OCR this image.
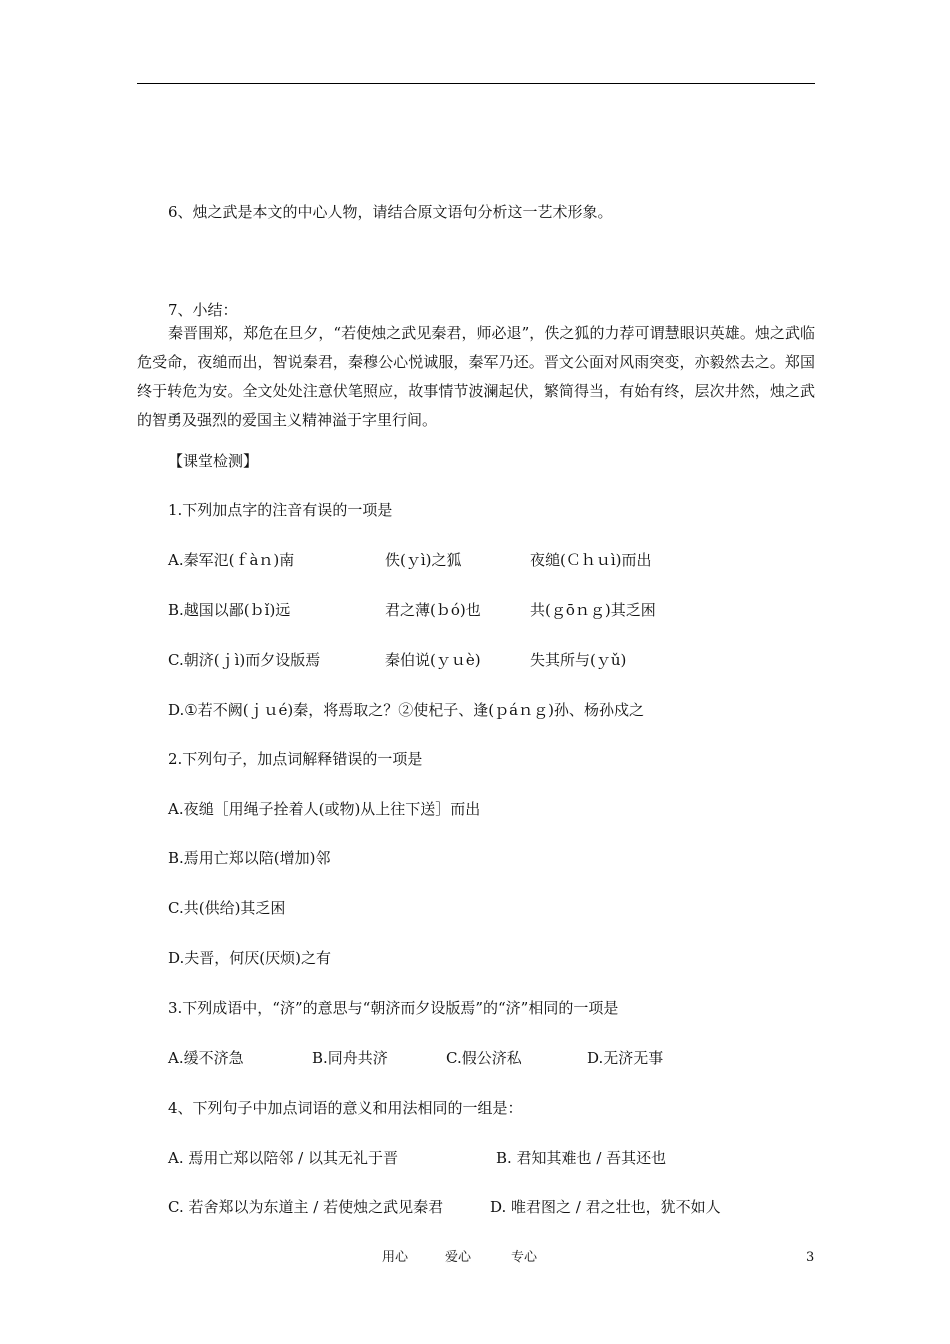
6、烛之武是本文的中心人物，请结合原文语句分析这一艺术形象。
7、小结：
秦晋围郑，郑危在旦夕，“若使烛之武见秦君，师必退”，佚之狐的力荐可谓慧眼识英雄。烛之武临危受命，夜缒而出，智说秦君，秦穆公心悦诚服，秦军乃还。晋文公面对风雨突变，亦毅然去之。郑国终于转危为安。全文处处注意伏笔照应，故事情节波澜起伏，繁简得当，有始有终，层次井然，烛之武的智勇及强烈的爱国主义精神溢于字里行间。
【课堂检测】
1.下列加点字的注音有误的一项是
A.秦军氾(ｆàｎ)南	佚(ｙì)之狐	夜缒(Ｃｈｕì)而出
B.越国以鄙(ｂǐ)远	君之薄(ｂó)也	共(ｇōｎｇ)其乏困
C.朝济(ｊì)而夕设版焉	秦伯说(ｙｕè)	失其所与(ｙǔ)
D.①若不阙(ｊｕé)秦，将焉取之？②使杞子、逢(ｐáｎｇ)孙、杨孙戍之
2.下列句子，加点词解释错误的一项是
A.夜缒［用绳子拴着人(或物)从上往下送］而出
B.焉用亡郑以陪(增加)邻
C.共(供给)其乏困
D.夫晋，何厌(厌烦)之有
3.下列成语中，“济”的意思与“朝济而夕设版焉”的“济”相同的一项是
A.缓不济急	B.同舟共济	C.假公济私	D.无济无事
4、下列句子中加点词语的意义和用法相同的一组是：
A. 焉用亡郑以陪邻 / 以其无礼于晋	B. 君知其难也 / 吾其还也
C. 若舍郑以为东道主 / 若使烛之武见秦君	D. 唯君图之 / 君之壮也，犹不如人
用心	爱心	专心	3
